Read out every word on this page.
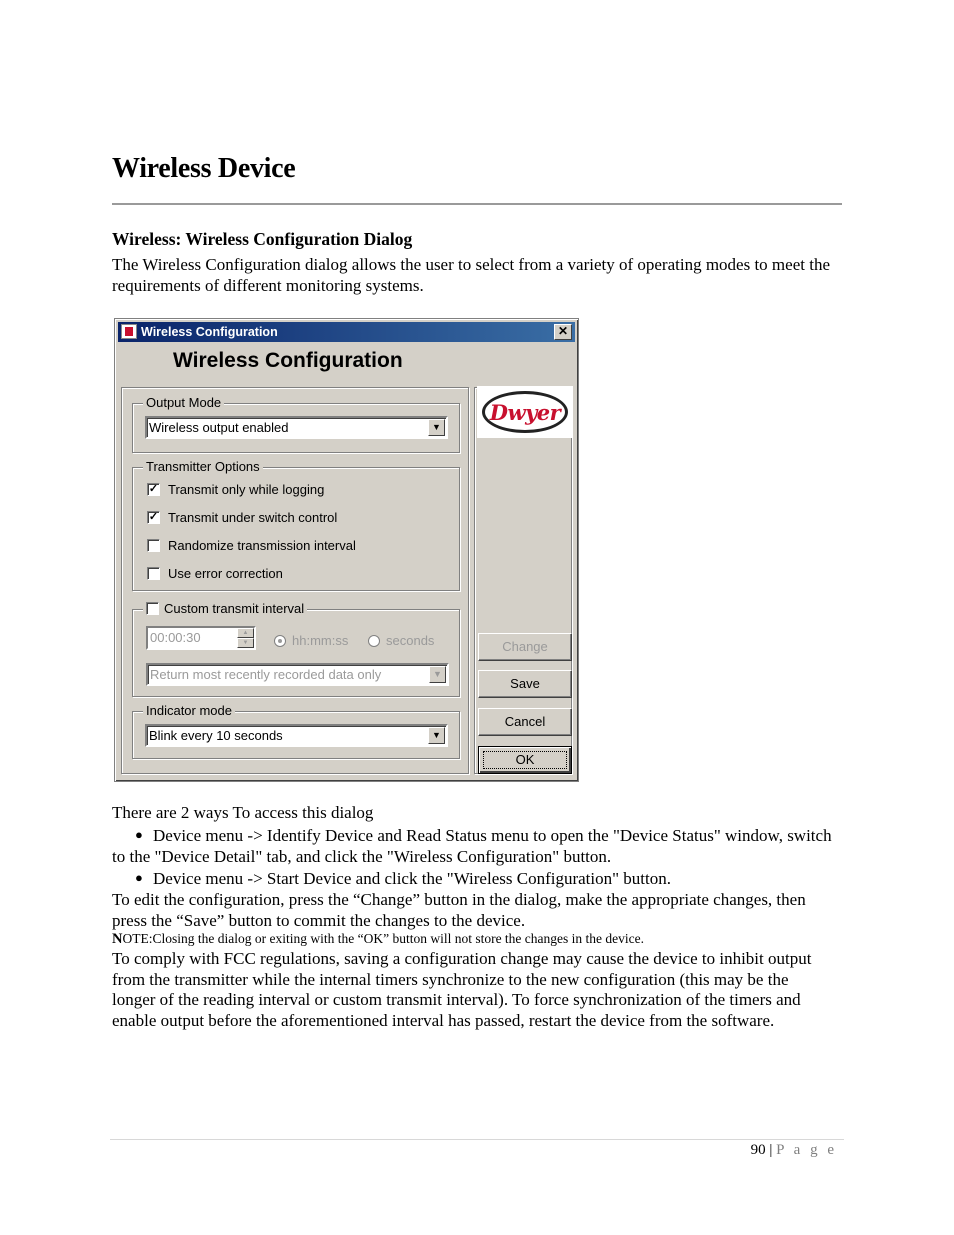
Wireless Device
Wireless: Wireless Configuration Dialog

The Wireless Configuration dialog allows the user to select from a variety of operating modes to meet the requirements of different monitoring systems.

Wireless Configuration	✕
Wireless Configuration
Output Mode
Wireless output enabled	▼
Transmitter Options
✓ Transmit only while logging
✓ Transmit under switch control
Randomize transmission interval
Use error correction
Custom transmit interval
00:00:30	▲
▼	hh:mm:ss	seconds
Return most recently recorded data only	▼
Indicator mode
Blink every 10 seconds	▼
Dwyer
Change
Save
Cancel
OK

There are 2 ways To access this dialog

● Device menu -> Identify Device and Read Status menu to open the "Device Status" window, switch to the "Device Detail" tab, and click the "Wireless Configuration" button.

● Device menu -> Start Device and click the "Wireless Configuration" button.

To edit the configuration, press the “Change” button in the dialog, make the appropriate changes, then press the “Save” button to commit the changes to the device.

NOTE:Closing the dialog or exiting with the “OK” button will not store the changes in the device.

To comply with FCC regulations, saving a configuration change may cause the device to inhibit output from the transmitter while the internal timers synchronize to the new configuration (this may be the longer of the reading interval or custom transmit interval). To force synchronization of the timers and enable output before the aforementioned interval has passed, restart the device from the software.

90 | P a g e
